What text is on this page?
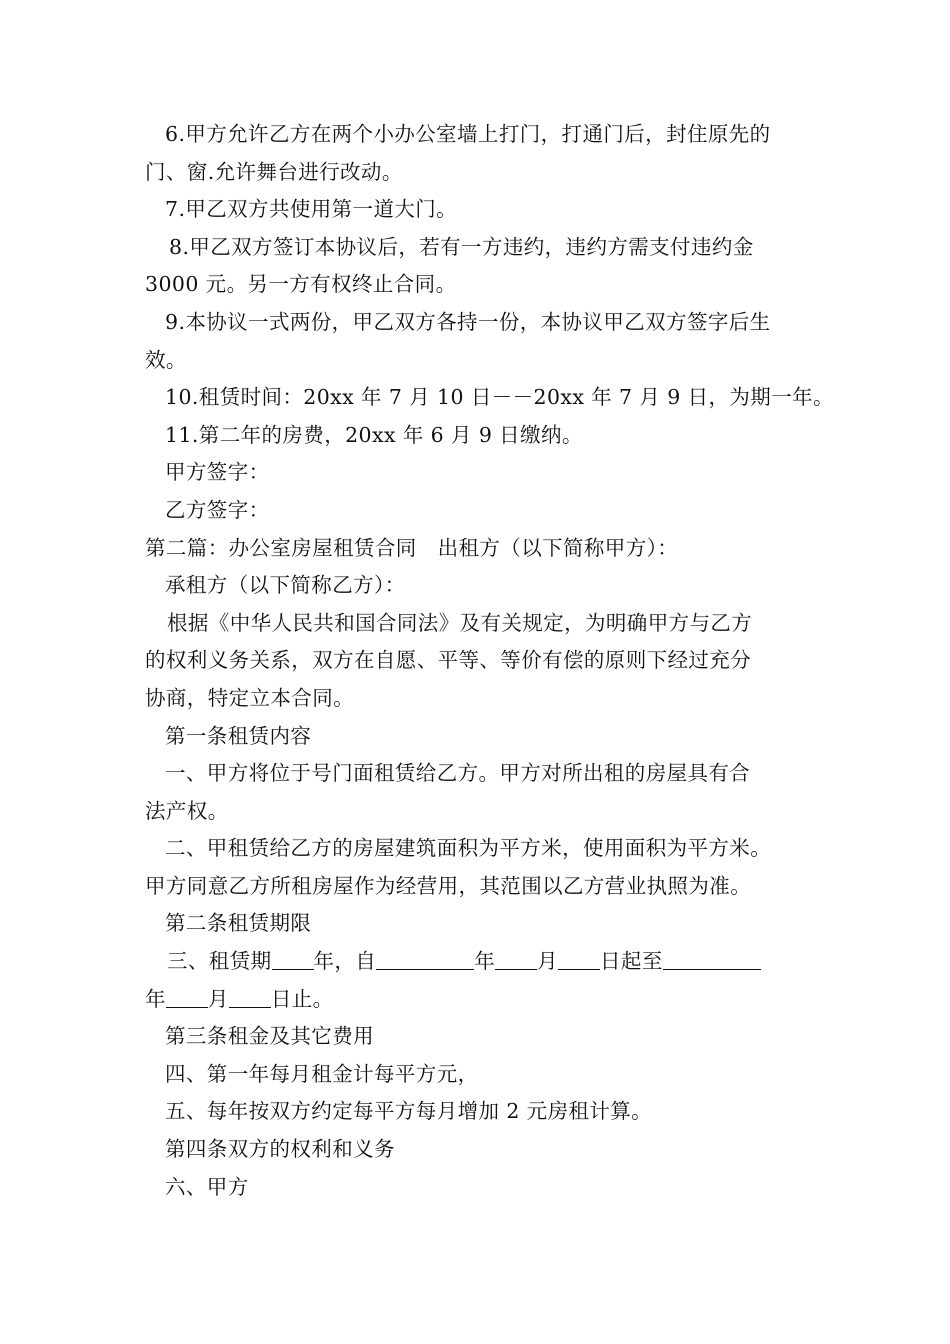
6.甲方允许乙方在两个小办公室墙上打门，打通门后，封住原先的
门、窗.允许舞台进行改动。
7.甲乙双方共使用第一道大门。
8.甲乙双方签订本协议后，若有一方违约，违约方需支付违约金
3000 元。另一方有权终止合同。
9.本协议一式两份，甲乙双方各持一份，本协议甲乙双方签字后生
效。
10.租赁时间：20xx 年 7 月 10 日－－20xx 年 7 月 9 日，为期一年。
11.第二年的房费，20xx 年 6 月 9 日缴纳。
甲方签字：
乙方签字：
第二篇：办公室房屋租赁合同　出租方（以下简称甲方）：
承租方（以下简称乙方）：
根据《中华人民共和国合同法》及有关规定，为明确甲方与乙方
的权利义务关系，双方在自愿、平等、等价有偿的原则下经过充分
协商，特定立本合同。
第一条租赁内容
一、甲方将位于号门面租赁给乙方。甲方对所出租的房屋具有合
法产权。
二、甲租赁给乙方的房屋建筑面积为平方米，使用面积为平方米。
甲方同意乙方所租房屋作为经营用，其范围以乙方营业执照为准。
第二条租赁期限
三、租赁期 年，自	年 月 日起至
年 月 日止。
第三条租金及其它费用
四、第一年每月租金计每平方元，
五、每年按双方约定每平方每月增加 2 元房租计算。
第四条双方的权利和义务
六、甲方
